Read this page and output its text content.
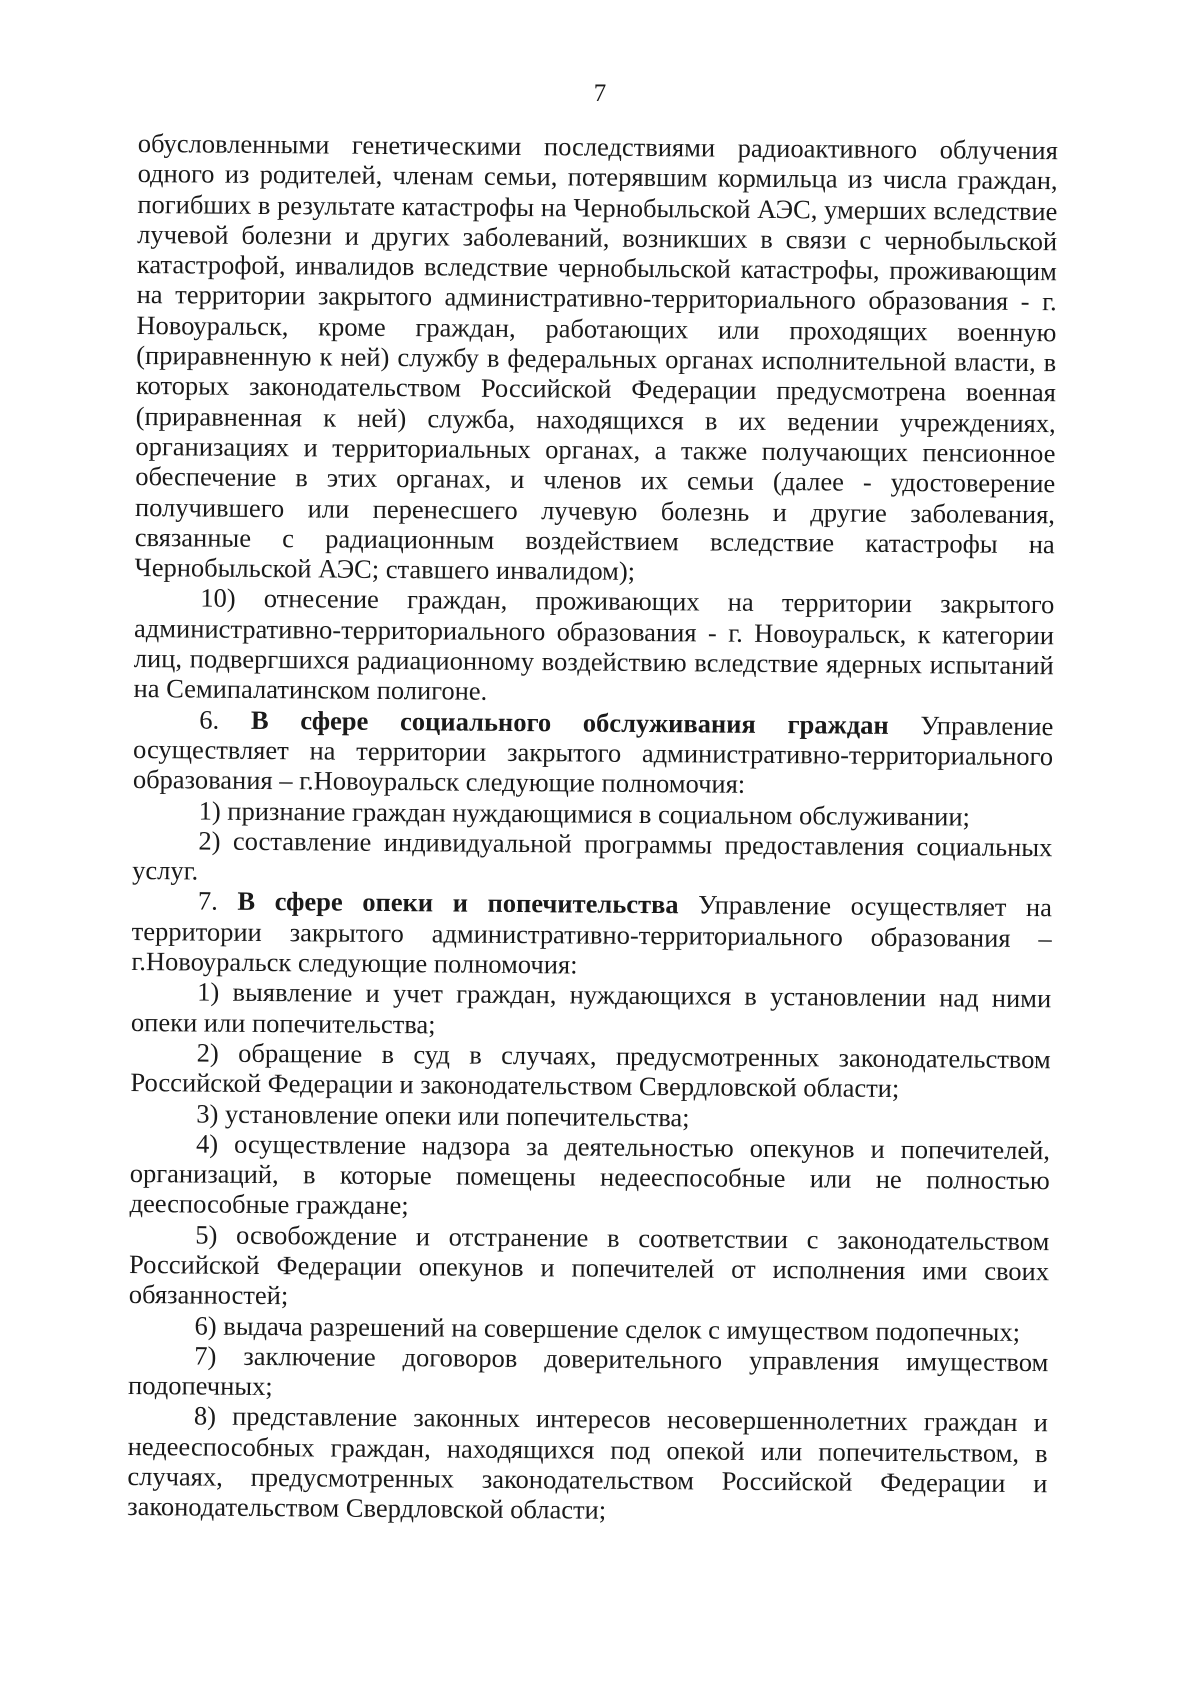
7

обусловленными генетическими последствиями радиоактивного облучения одного из родителей, членам семьи, потерявшим кормильца из числа граждан, погибших в результате катастрофы на Чернобыльской АЭС, умерших вследствие лучевой болезни и других заболеваний, возникших в связи с чернобыльской катастрофой, инвалидов вследствие чернобыльской катастрофы, проживающим на территории закрытого административно-территориального образования - г. Новоуральск, кроме граждан, работающих или проходящих военную (приравненную к ней) службу в федеральных органах исполнительной власти, в которых законодательством Российской Федерации предусмотрена военная (приравненная к ней) служба, находящихся в их ведении учреждениях, организациях и территориальных органах, а также получающих пенсионное обеспечение в этих органах, и членов их семьи (далее - удостоверение получившего или перенесшего лучевую болезнь и другие заболевания, связанные с радиационным воздействием вследствие катастрофы на Чернобыльской АЭС; ставшего инвалидом);

10) отнесение граждан, проживающих на территории закрытого административно-территориального образования - г. Новоуральск, к категории лиц, подвергшихся радиационному воздействию вследствие ядерных испытаний на Семипалатинском полигоне.

6. В сфере социального обслуживания граждан Управление осуществляет на территории закрытого административно-территориального образования – г.Новоуральск следующие полномочия:

1) признание граждан нуждающимися в социальном обслуживании;

2) составление индивидуальной программы предоставления социальных услуг.

7. В сфере опеки и попечительства Управление осуществляет на территории закрытого административно-территориального образования – г.Новоуральск следующие полномочия:

1) выявление и учет граждан, нуждающихся в установлении над ними опеки или попечительства;

2) обращение в суд в случаях, предусмотренных законодательством Российской Федерации и законодательством Свердловской области;

3) установление опеки или попечительства;

4) осуществление надзора за деятельностью опекунов и попечителей, организаций, в которые помещены недееспособные или не полностью дееспособные граждане;

5) освобождение и отстранение в соответствии с законодательством Российской Федерации опекунов и попечителей от исполнения ими своих обязанностей;

6) выдача разрешений на совершение сделок с имуществом подопечных;

7) заключение договоров доверительного управления имуществом подопечных;

8) представление законных интересов несовершеннолетних граждан и недееспособных граждан, находящихся под опекой или попечительством, в случаях, предусмотренных законодательством Российской Федерации и законодательством Свердловской области;
